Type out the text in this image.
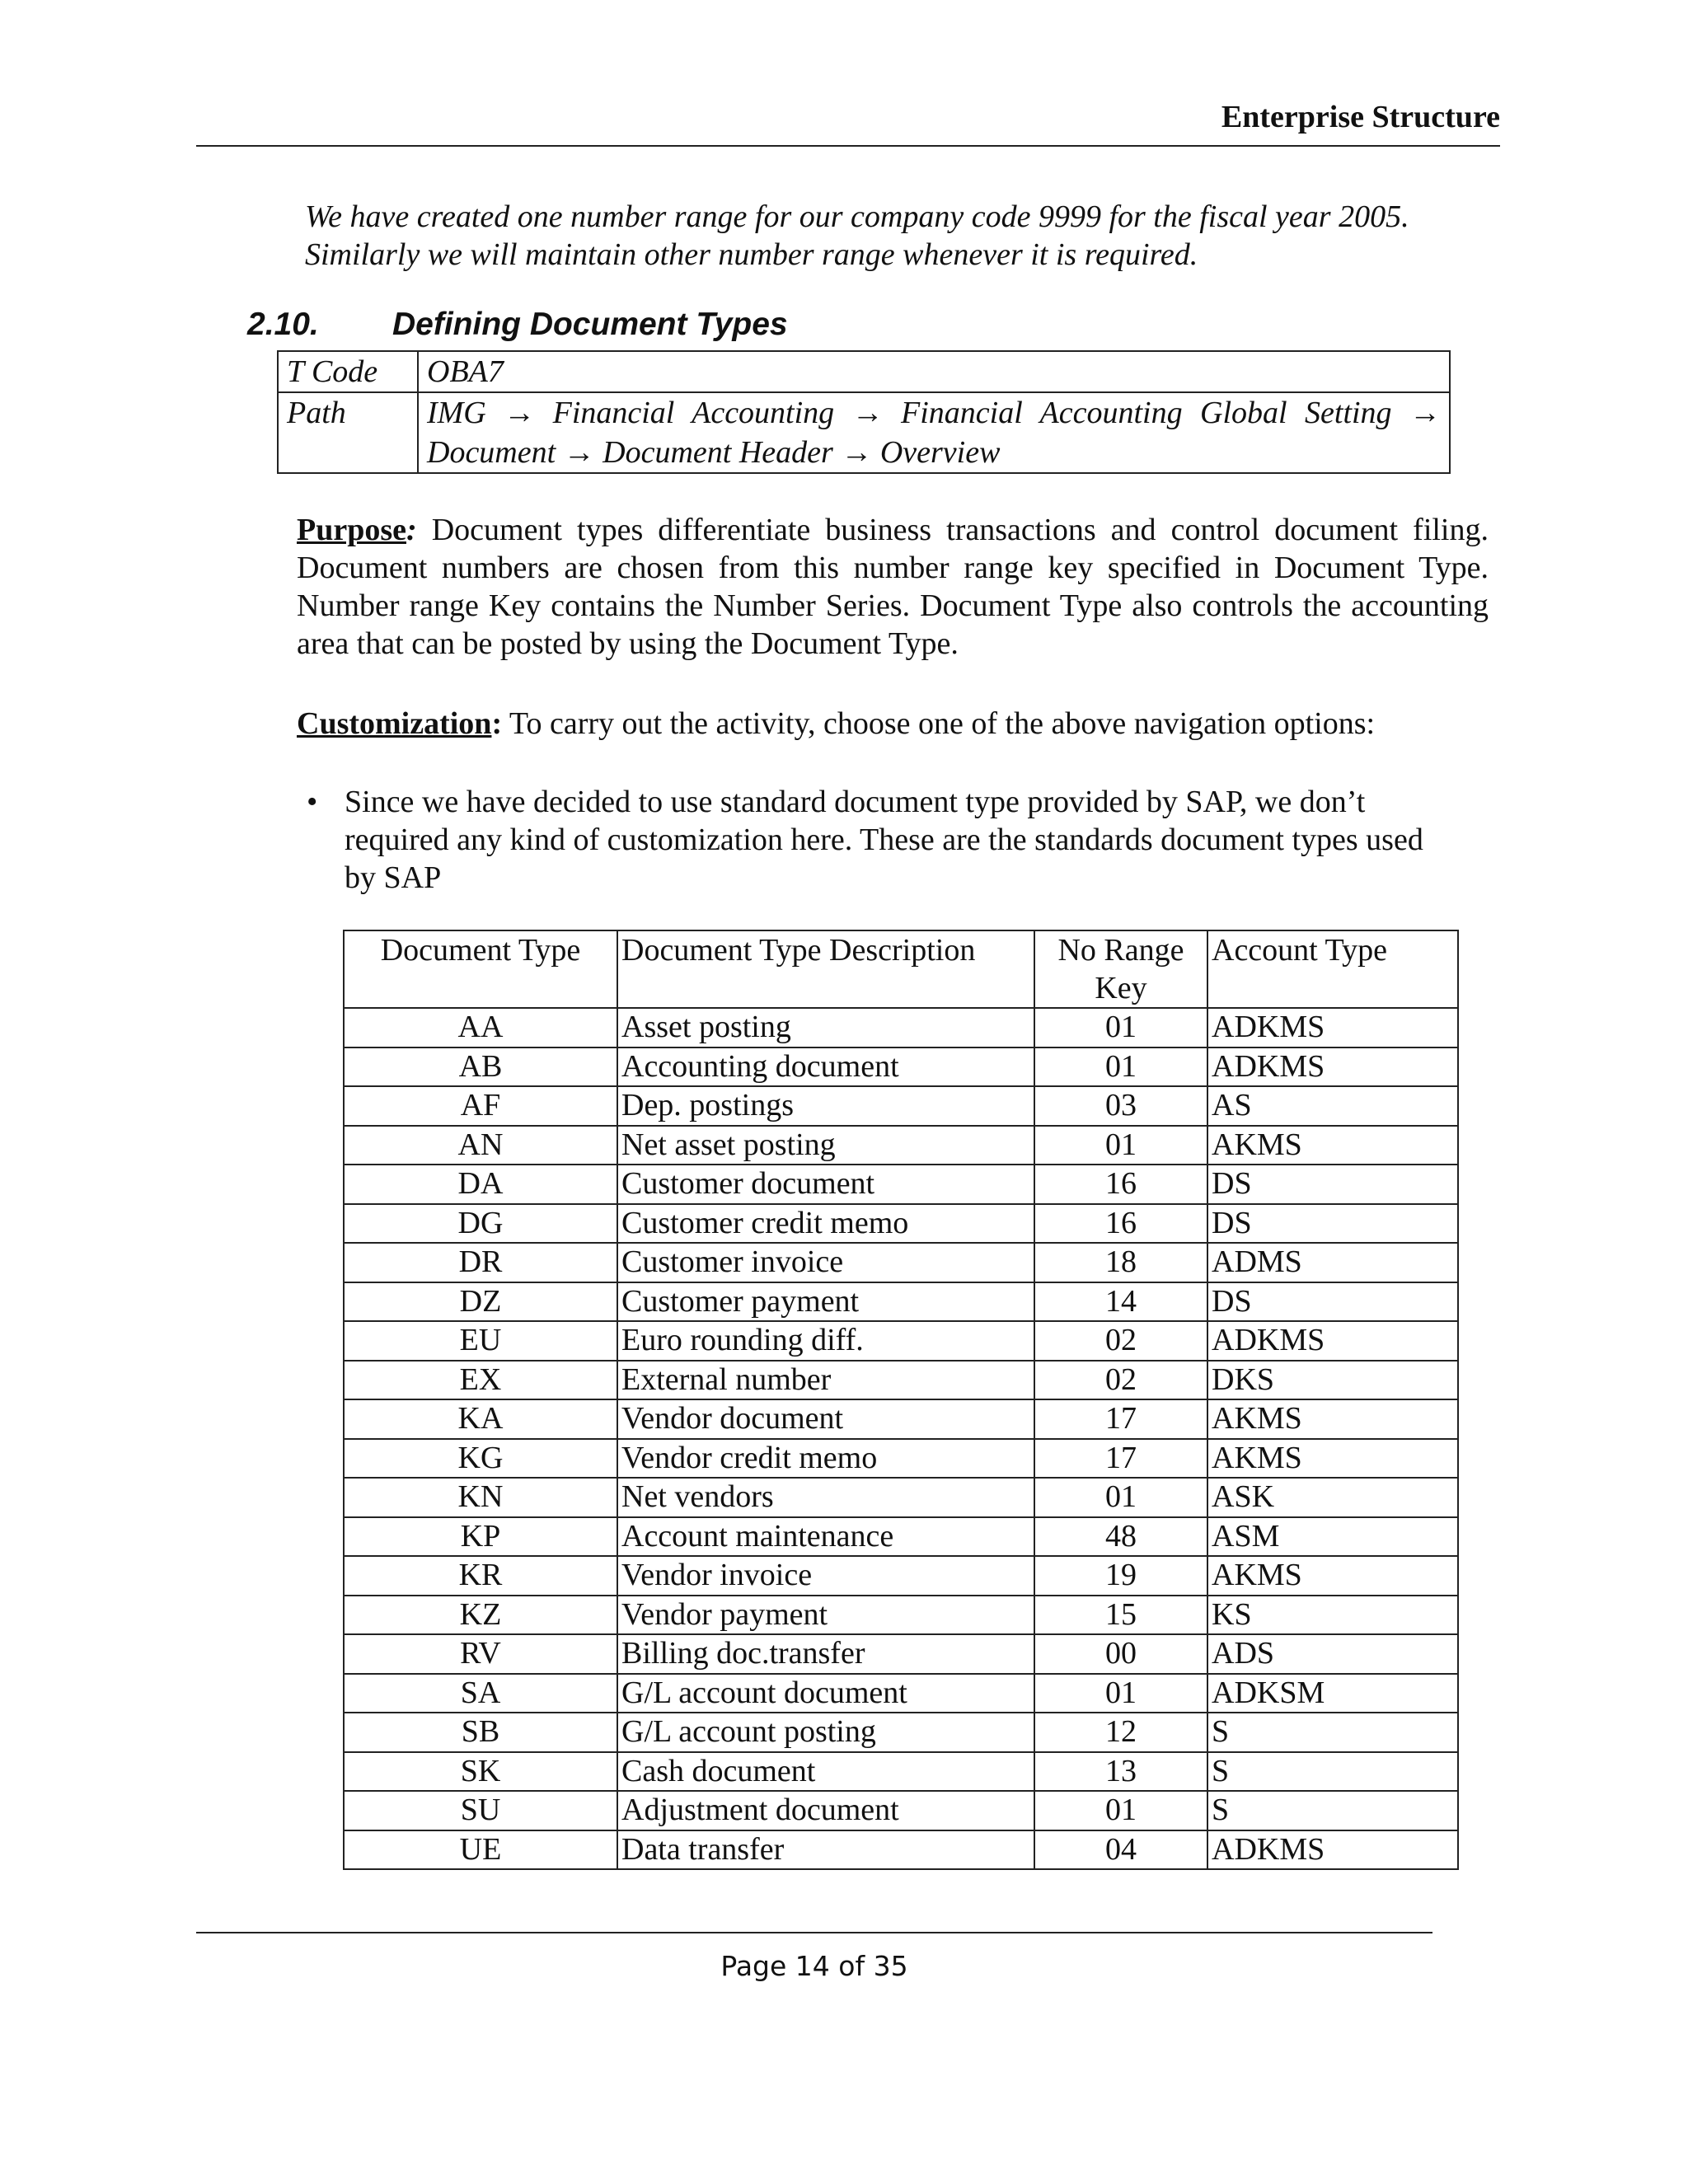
Enterprise Structure
We have created one number range for our company code 9999 for the fiscal year 2005. Similarly we will maintain other number range whenever it is required.
2.10. Defining Document Types
T Code	OBA7
Path	IMG → Financial Accounting → Financial Accounting Global Setting → Document → Document Header → Overview
Purpose: Document types differentiate business transactions and control document filing. Document numbers are chosen from this number range key specified in Document Type. Number range Key contains the Number Series. Document Type also controls the accounting area that can be posted by using the Document Type.
Customization: To carry out the activity, choose one of the above navigation options:
• Since we have decided to use standard document type provided by SAP, we don’t required any kind of customization here. These are the standards document types used by SAP
Document Type	Document Type Description	No Range Key	Account Type
AA	Asset posting	01	ADKMS
AB	Accounting document	01	ADKMS
AF	Dep. postings	03	AS
AN	Net asset posting	01	AKMS
DA	Customer document	16	DS
DG	Customer credit memo	16	DS
DR	Customer invoice	18	ADMS
DZ	Customer payment	14	DS
EU	Euro rounding diff.	02	ADKMS
EX	External number	02	DKS
KA	Vendor document	17	AKMS
KG	Vendor credit memo	17	AKMS
KN	Net vendors	01	ASK
KP	Account maintenance	48	ASM
KR	Vendor invoice	19	AKMS
KZ	Vendor payment	15	KS
RV	Billing doc.transfer	00	ADS
SA	G/L account document	01	ADKSM
SB	G/L account posting	12	S
SK	Cash document	13	S
SU	Adjustment document	01	S
UE	Data transfer	04	ADKMS
Page 14 of 35
